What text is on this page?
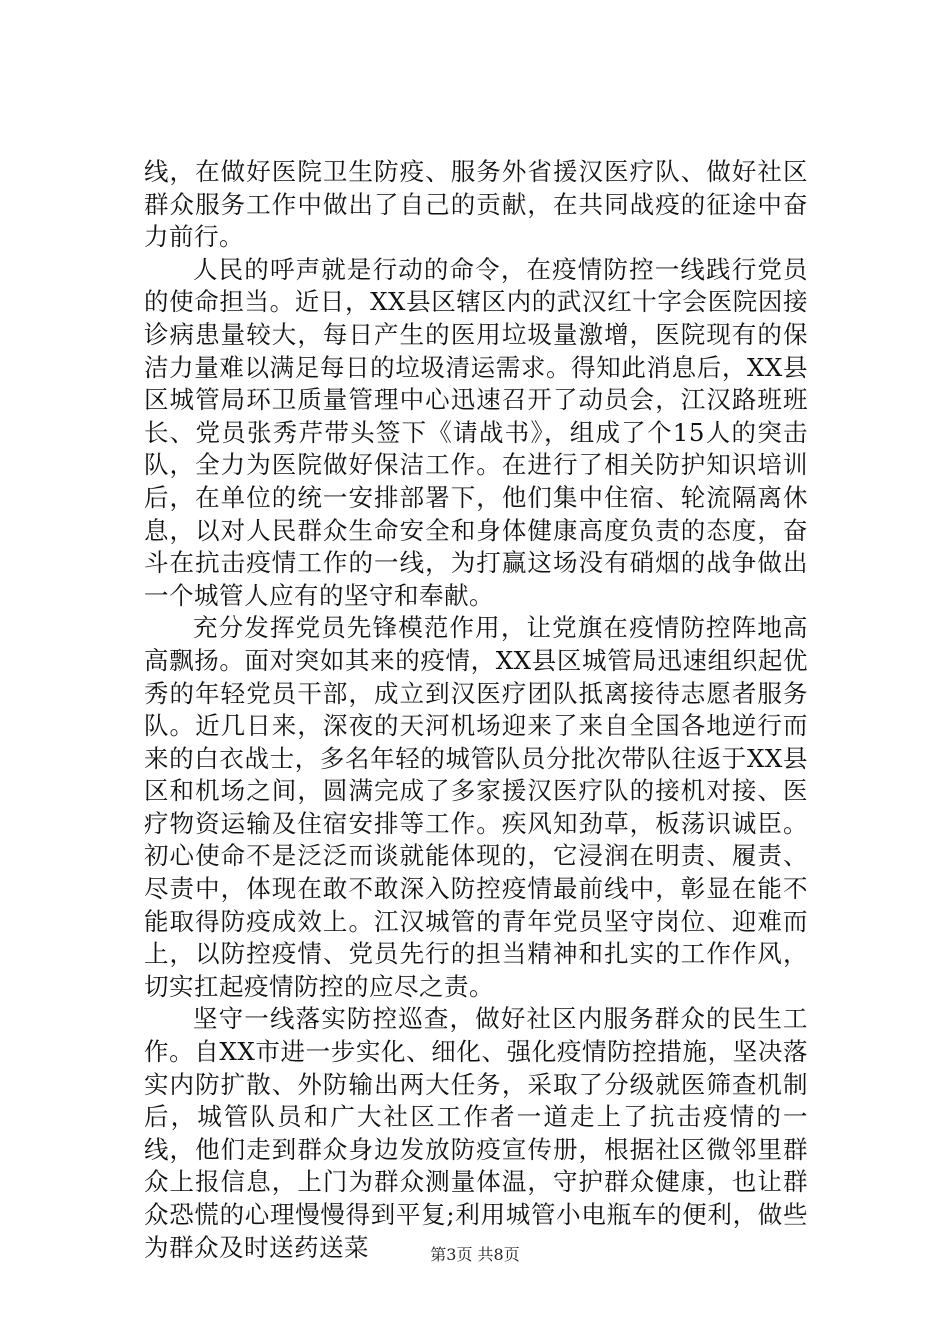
线，在做好医院卫生防疫、服务外省援汉医疗队、做好社区群众服务工作中做出了自己的贡献，在共同战疫的征途中奋力前行。

人民的呼声就是行动的命令，在疫情防控一线践行党员的使命担当。近日，XX县区辖区内的武汉红十字会医院因接诊病患量较大，每日产生的医用垃圾量激增，医院现有的保洁力量难以满足每日的垃圾清运需求。得知此消息后，XX县区城管局环卫质量管理中心迅速召开了动员会，江汉路班班长、党员张秀芹带头签下《请战书》，组成了个15人的突击队，全力为医院做好保洁工作。在进行了相关防护知识培训后，在单位的统一安排部署下，他们集中住宿、轮流隔离休息，以对人民群众生命安全和身体健康高度负责的态度，奋斗在抗击疫情工作的一线，为打赢这场没有硝烟的战争做出一个城管人应有的坚守和奉献。

充分发挥党员先锋模范作用，让党旗在疫情防控阵地高高飘扬。面对突如其来的疫情，XX县区城管局迅速组织起优秀的年轻党员干部，成立到汉医疗团队抵离接待志愿者服务队。近几日来，深夜的天河机场迎来了来自全国各地逆行而来的白衣战士，多名年轻的城管队员分批次带队往返于XX县区和机场之间，圆满完成了多家援汉医疗队的接机对接、医疗物资运输及住宿安排等工作。疾风知劲草，板荡识诚臣。初心使命不是泛泛而谈就能体现的，它浸润在明责、履责、尽责中，体现在敢不敢深入防控疫情最前线中，彰显在能不能取得防疫成效上。江汉城管的青年党员坚守岗位、迎难而上，以防控疫情、党员先行的担当精神和扎实的工作作风，切实扛起疫情防控的应尽之责。

坚守一线落实防控巡查，做好社区内服务群众的民生工作。自XX市进一步实化、细化、强化疫情防控措施，坚决落实内防扩散、外防输出两大任务，采取了分级就医筛查机制后，城管队员和广大社区工作者一道走上了抗击疫情的一线，他们走到群众身边发放防疫宣传册，根据社区微邻里群众上报信息，上门为群众测量体温，守护群众健康，也让群众恐慌的心理慢慢得到平复;利用城管小电瓶车的便利，做些为群众及时送药送菜	第3页 共8页
